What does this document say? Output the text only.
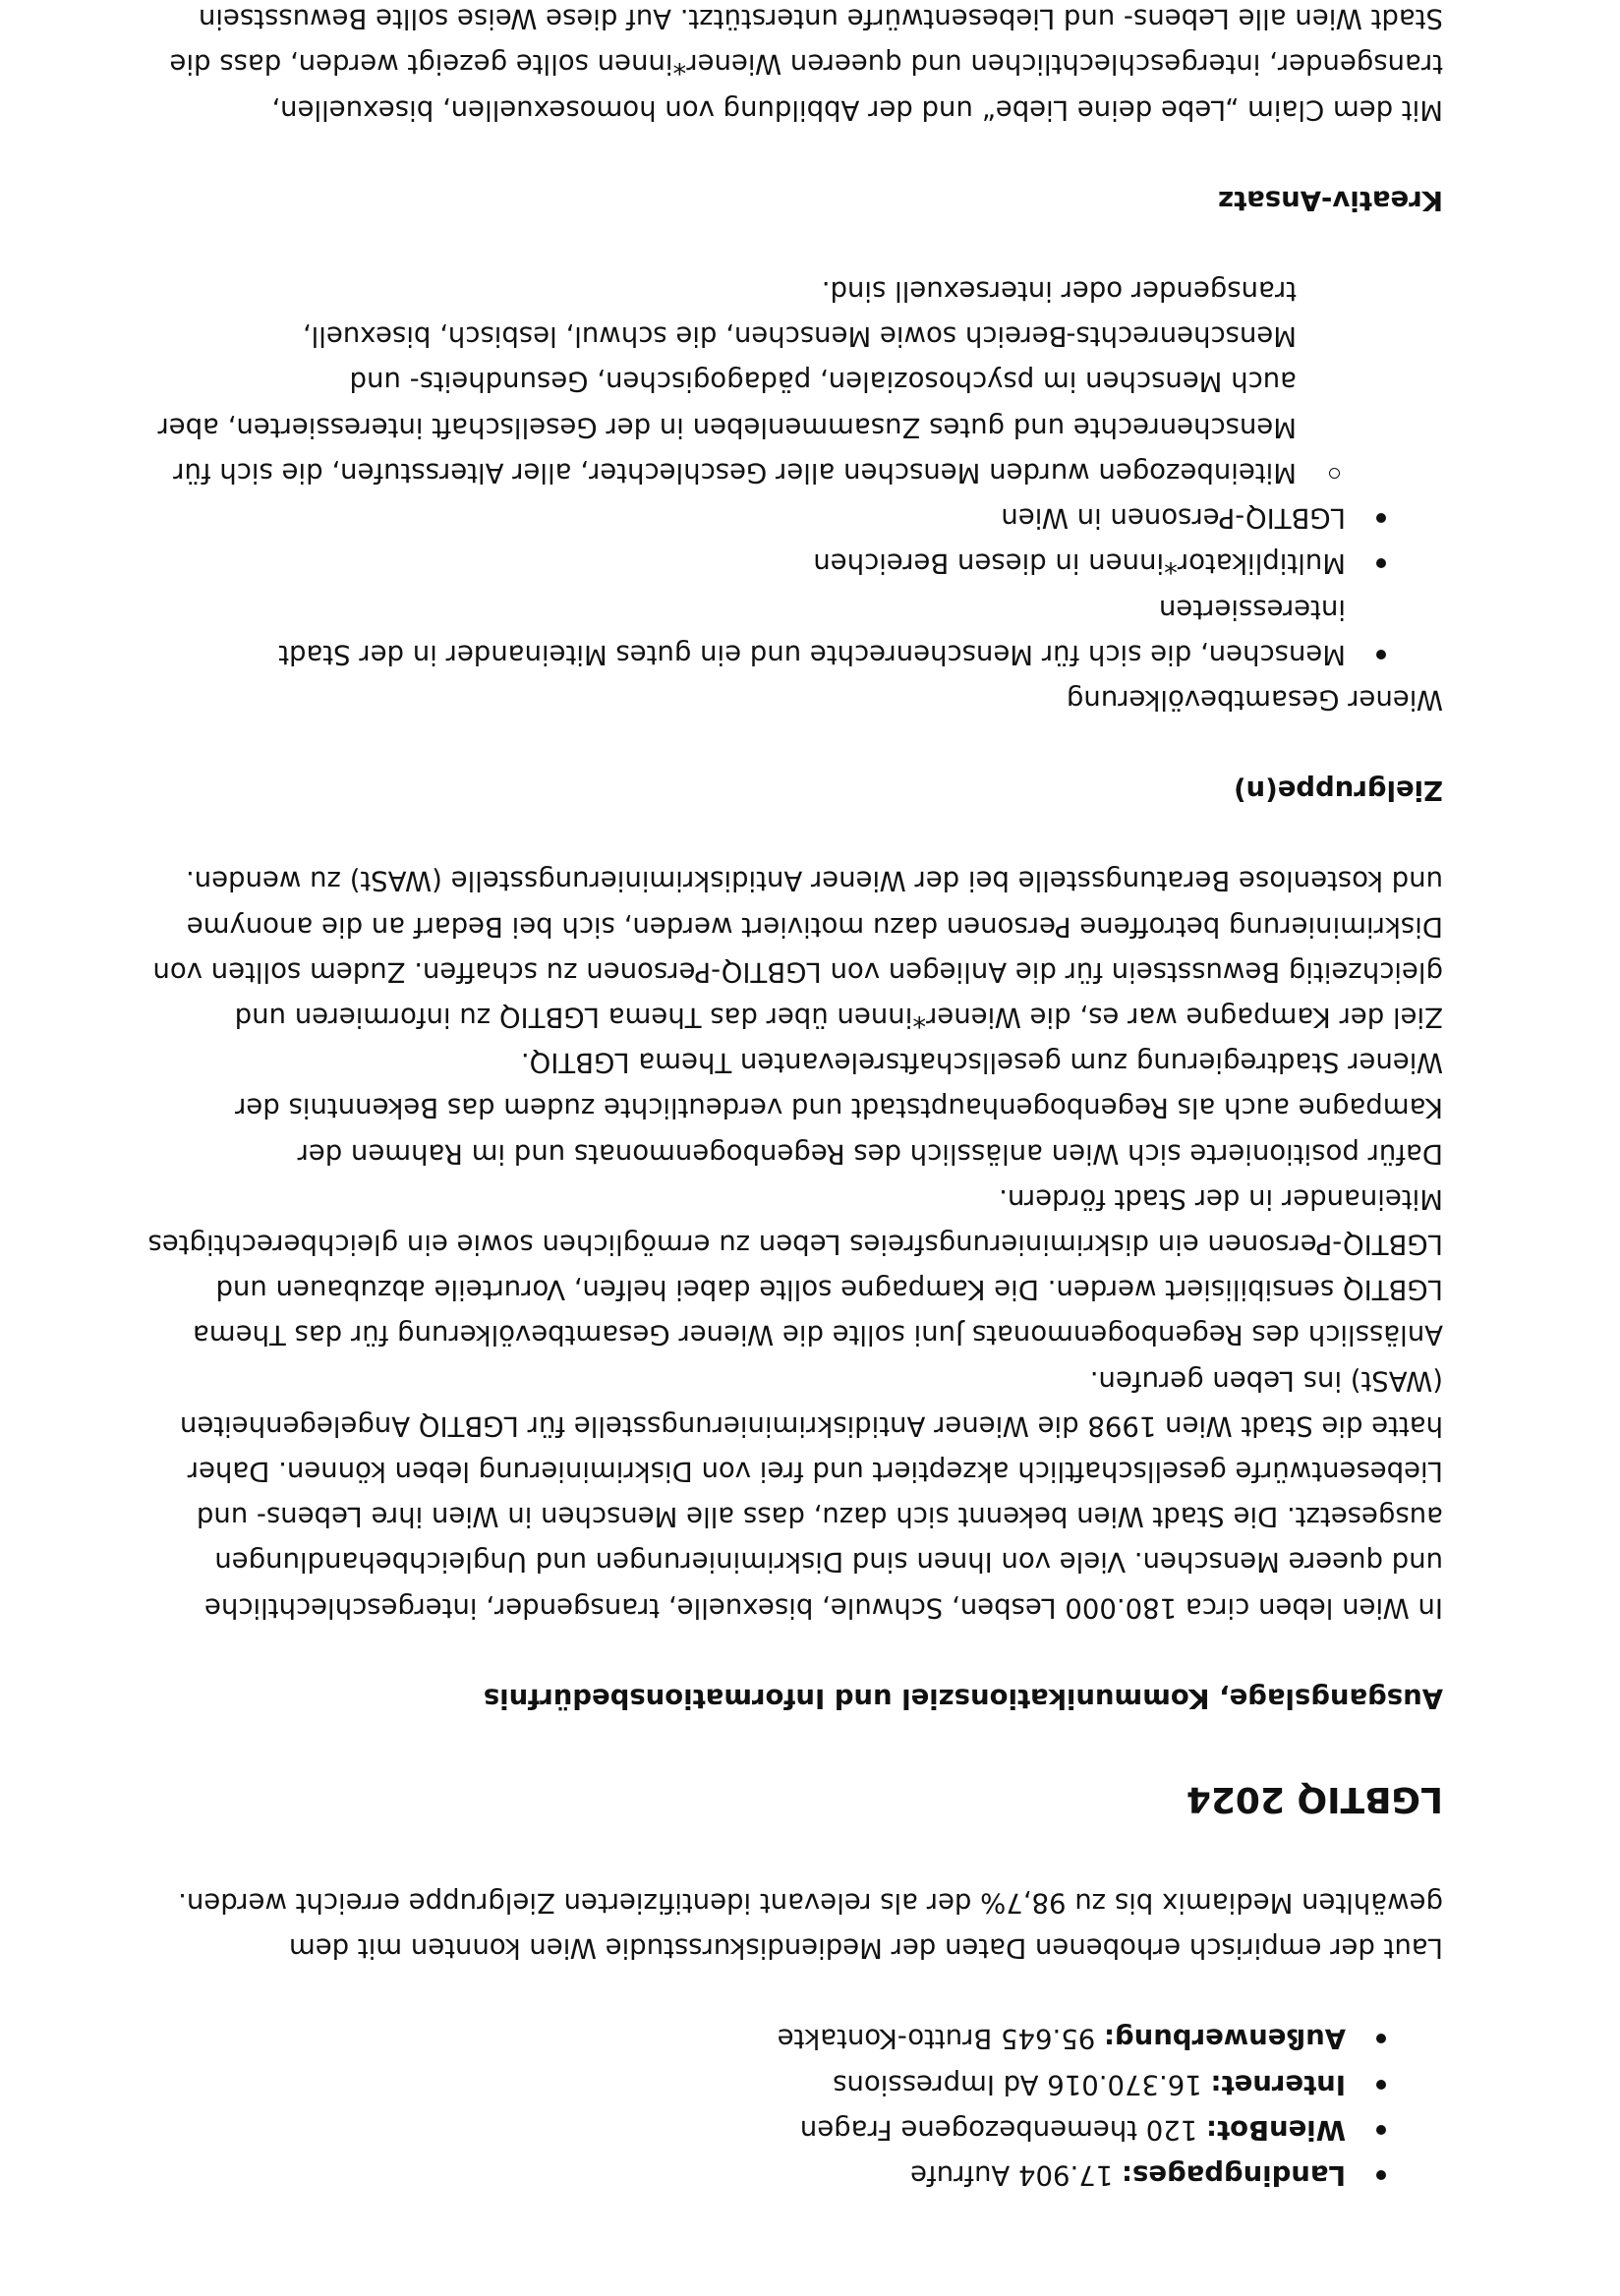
Landingpages: 17.904 Aufrufe
WienBot: 120 themenbezogene Fragen
Internet: 16.370.016 Ad Impressions
Außenwerbung: 95.645 Brutto-Kontakte

Laut der empirisch erhobenen Daten der Mediendiskursstudie Wien konnten mit dem gewählten Mediamix bis zu 98,7% der als relevant identifizierten Zielgruppe erreicht werden.

LGBTIQ 2024
Ausgangslage, Kommunikationsziel und Informationsbedürfnis

In Wien leben circa 180.000 Lesben, Schwule, bisexuelle, transgender, intergeschlechtliche und queere Menschen. Viele von Ihnen sind Diskriminierungen und Ungleichbehandlungen ausgesetzt. Die Stadt Wien bekennt sich dazu, dass alle Menschen in Wien ihre Lebens- und Liebesentwürfe gesellschaftlich akzeptiert und frei von Diskriminierung leben können. Daher hatte die Stadt Wien 1998 die Wiener Antidiskriminierungsstelle für LGBTIQ Angelegenheiten (WASt) ins Leben gerufen.

Anlässlich des Regenbogenmonats Juni sollte die Wiener Gesamtbevölkerung für das Thema LGBTIQ sensibilisiert werden. Die Kampagne sollte dabei helfen, Vorurteile abzubauen und LGBTIQ-Personen ein diskriminierungsfreies Leben zu ermöglichen sowie ein gleichberechtigtes Miteinander in der Stadt fördern.

Dafür positionierte sich Wien anlässlich des Regenbogenmonats und im Rahmen der Kampagne auch als Regenbogenhauptstadt und verdeutlichte zudem das Bekenntnis der Wiener Stadtregierung zum gesellschaftsrelevanten Thema LGBTIQ.

Ziel der Kampagne war es, die Wiener*innen über das Thema LGBTIQ zu informieren und gleichzeitig Bewusstsein für die Anliegen von LGBTIQ-Personen zu schaffen. Zudem sollten von Diskriminierung betroffene Personen dazu motiviert werden, sich bei Bedarf an die anonyme und kostenlose Beratungsstelle bei der Wiener Antidiskriminierungsstelle (WASt) zu wenden.

Zielgruppe(n)

Wiener Gesamtbevölkerung

Menschen, die sich für Menschenrechte und ein gutes Miteinander in der Stadt interessierten
Multiplikator*innen in diesen Bereichen
LGBTIQ-Personen in Wien
Miteinbezogen wurden Menschen aller Geschlechter, aller Altersstufen, die sich für Menschenrechte und gutes Zusammenleben in der Gesellschaft interessierten, aber auch Menschen im psychosozialen, pädagogischen, Gesundheits- und Menschenrechts-Bereich sowie Menschen, die schwul, lesbisch, bisexuell, transgender oder intersexuell sind.
Kreativ-Ansatz

Mit dem Claim „Lebe deine Liebe“ und der Abbildung von homosexuellen, bisexuellen, transgender, intergeschlechtlichen und queeren Wiener*innen sollte gezeigt werden, dass die Stadt Wien alle Lebens- und Liebesentwürfe unterstützt. Auf diese Weise sollte Bewusstsein
